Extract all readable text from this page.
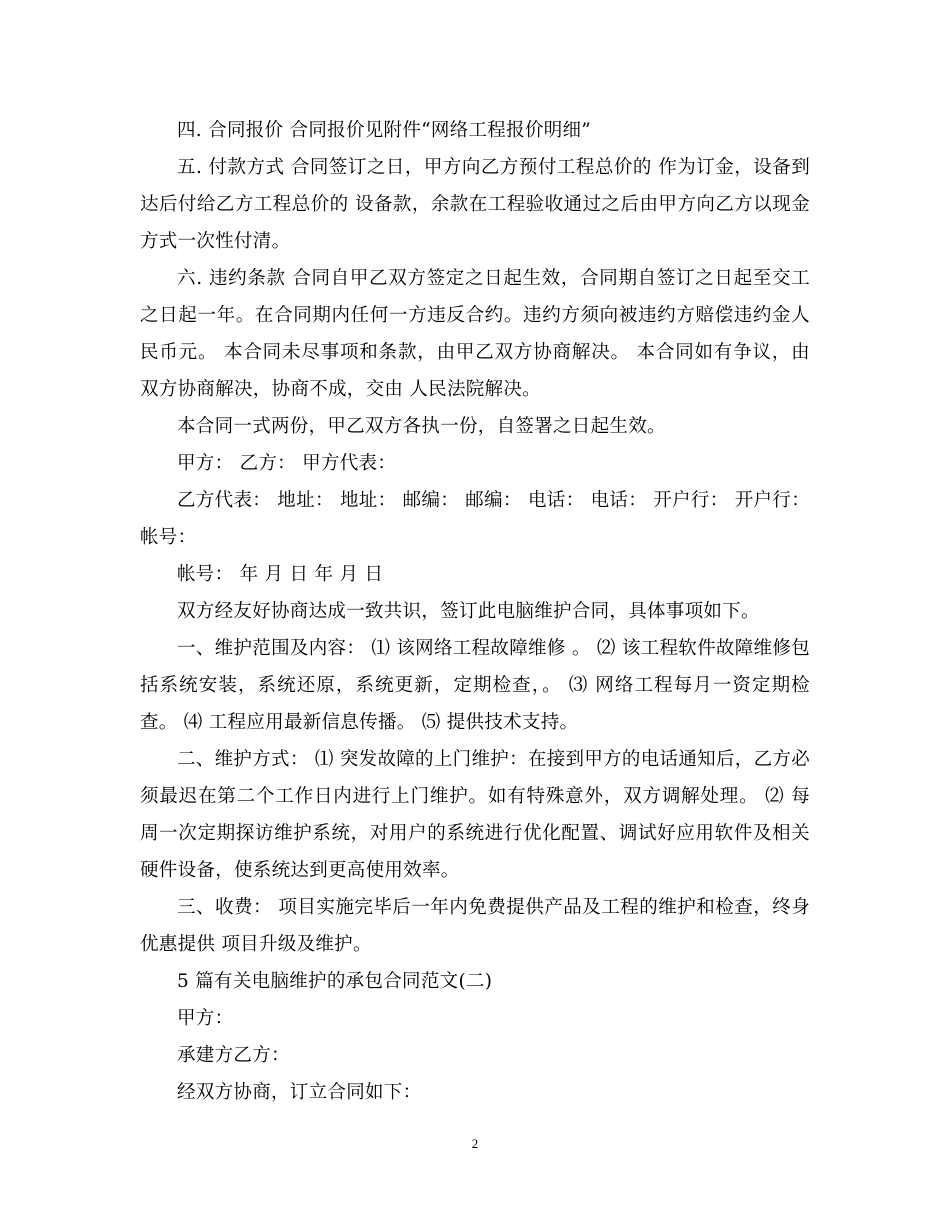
四. 合同报价 合同报价见附件“网络工程报价明细”

五. 付款方式 合同签订之日，甲方向乙方预付工程总价的 作为订金，设备到达后付给乙方工程总价的 设备款，余款在工程验收通过之后由甲方向乙方以现金方式一次性付清。

六. 违约条款 合同自甲乙双方签定之日起生效，合同期自签订之日起至交工之日起一年。在合同期内任何一方违反合约。违约方须向被违约方赔偿违约金人民币元。 本合同未尽事项和条款，由甲乙双方协商解决。 本合同如有争议，由双方协商解决，协商不成，交由 人民法院解决。

本合同一式两份，甲乙双方各执一份，自签署之日起生效。

甲方： 乙方： 甲方代表：

乙方代表： 地址： 地址： 邮编： 邮编： 电话： 电话： 开户行： 开户行： 帐号：

帐号： 年 月 日 年 月 日

双方经友好协商达成一致共识，签订此电脑维护合同，具体事项如下。

一、维护范围及内容： ⑴ 该网络工程故障维修 。 ⑵ 该工程软件故障维修包括系统安装，系统还原，系统更新，定期检查，。 ⑶ 网络工程每月一资定期检查。 ⑷ 工程应用最新信息传播。 ⑸ 提供技术支持。

二、维护方式： ⑴ 突发故障的上门维护：在接到甲方的电话通知后，乙方必须最迟在第二个工作日内进行上门维护。如有特殊意外，双方调解处理。 ⑵ 每周一次定期探访维护系统，对用户的系统进行优化配置、调试好应用软件及相关硬件设备，使系统达到更高使用效率。

三、收费： 项目实施完毕后一年内免费提供产品及工程的维护和检查，终身优惠提供 项目升级及维护。

5 篇有关电脑维护的承包合同范文(二)

甲方：

承建方乙方：

经双方协商，订立合同如下：

2
